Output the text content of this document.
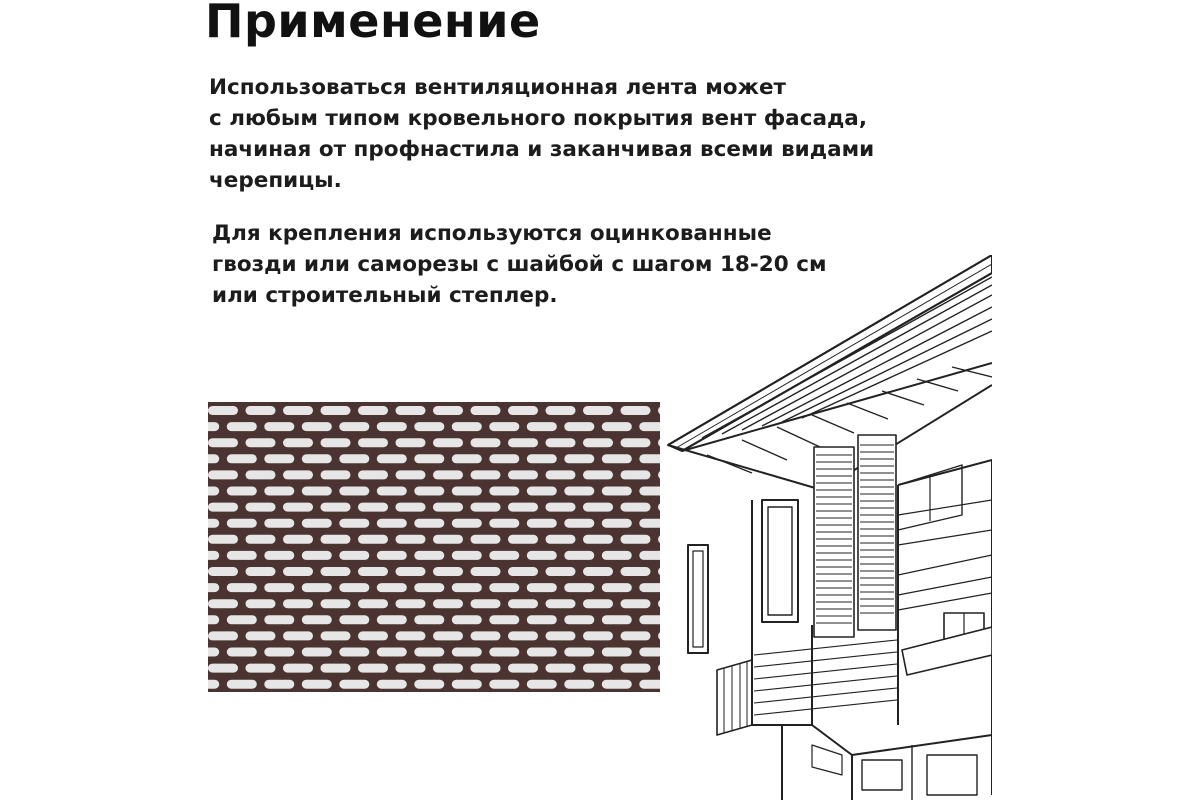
Применение
Использоваться вентиляционная лента может
с любым типом кровельного покрытия вент фасада,
начиная от профнастила и заканчивая всеми видами
черепицы.
Для крепления используются оцинкованные
гвозди или саморезы с шайбой с шагом 18-20 см
или строительный степлер.
